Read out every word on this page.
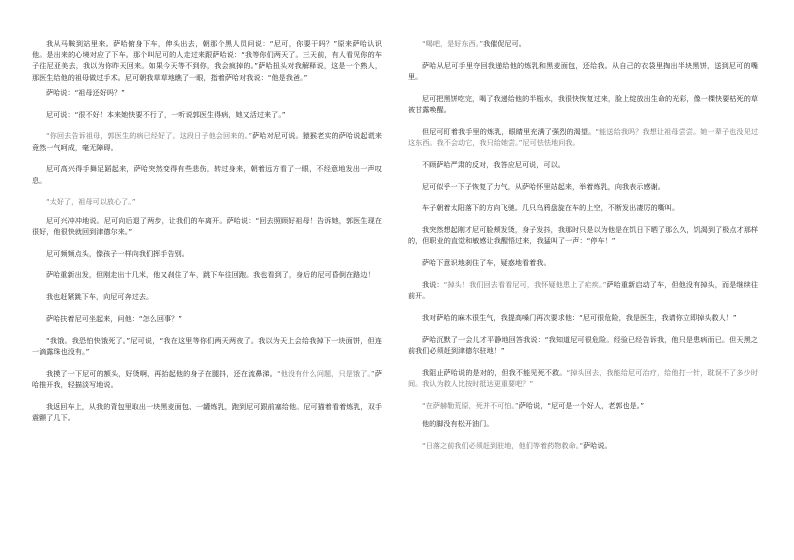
我从马鞍到站里来。萨哈俯身下车，伸头出去，朝那个黑人员问说：“尼可，你要干吗？”原来萨哈认识他。是出来的心境对应了下车。那个叫尼可的人走过来跟萨哈说：“我等你们两天了。三天前，有人看见你的车子往尼亚美去，我以为你昨天回来。如果今天等不到你，我会疯掉的。”萨哈扭头对我解释说，这是一个熟人，那医生给他的祖母做过手术。尼可朝我草草地瞧了一眼，指着萨哈对我说：“他是我爸。”

萨哈说：“祖母还好吗？”

尼可说：“很不好！本来她快要不行了，一听说郭医生得病，她又活过来了。”

“你回去告诉祖母，郭医生的病已经好了。这段日子他会回来的。”萨哈对尼可说。猿猴老实的萨哈说起谎来竟然一气呵成，毫无障碍。

尼可高兴得手舞足蹈起来，萨哈突然变得有些悲伤，转过身来，朝着远方看了一眼，不经意地发出一声叹息。

“太好了，祖母可以放心了。”

尼可兴冲冲地说。尼可向后退了两步，让我们的车离开。萨哈说：“回去照顾好祖母！告诉她，郭医生现在很好，他很快就回到津德尔来。”

尼可频频点头，像孩子一样向我们挥手告别。

萨哈重新出发，但刚走出十几米，他又刹住了车，跳下车往回跑。我也看到了，身后的尼可昏倒在路边！

我也赶紧跳下车，向尼可奔过去。

萨哈扶着尼可坐起来，问他：“怎么回事？”

“我饿。我恐怕快饿死了。”尼可说，“我在这里等你们两天两夜了。我以为天上会给我掉下一块面饼，但连一滴露珠也没有。”

我摸了一下尼可的额头，好烫啊，再抬起他的身子在腿抖，还在流鼻涕。“他没有什么问题，只是饿了。”萨哈推开我，轻描淡写地说。

我返回车上，从我的背包里取出一块黑麦面包、一罐炼乳，跑到尼可跟前塞给他。尼可猫着看着炼乳，双手震颤了几下。

“喝吧，是好东西。”我催促尼可。

萨哈从尼可手里夺回我递给他的炼乳和黑麦面包，还给我。从自己的衣袋里掏出半块黑饼，送到尼可的嘴里。

尼可把黑饼吃完，喝了我递给他的半瓶水，我很快恢复过来，脸上绽放出生命的光彩，像一棵快要枯死的草被甘露唤醒。

但尼可盯着我手里的炼乳，眼睛里充满了强烈的渴望。“能送给我吗？我想让祖母尝尝。她一辈子也没见过这东西。我不会动它，我只给她尝。”尼可怯怯地问我。

不顾萨哈严肃的反对，我答应尼可说，可以。

尼可似乎一下子恢复了力气，从萨哈怀里站起来，举着炼乳，向我表示感谢。

车子朝着太阳落下的方向飞驰。几只乌鸦盘旋在车的上空，不断发出凄厉的嘶叫。

我突然想起刚才尼可脸颊发烫，身子发抖，我那时只是以为他是在饥日下晒了那么久，饥渴到了极点才那样的，但职业的直觉和敏感让我醒悟过来，我猛叫了一声：“停车！”

萨哈下意识地刹住了车，疑惑地看着我。

我说：“掉头！我们回去看看尼可，我怀疑他患上了疟疾。”萨哈重新启动了车，但他没有掉头，而是继续往前开。

我对萨哈的麻木很生气，我提高嗓门再次要求他：“尼可很危险，我是医生，我请你立即掉头救人！”

萨哈沉默了一会儿才平静地回答我说：“我知道尼可很危险。经验已经告诉我，他只是患病而已。但天黑之前我们必须赶到津德尔驻地！”

我阻止萨哈说的是对的，但我不能见死不救。“掉头回去，我能给尼可治疗，给他打一针，耽误不了多少时间。我认为救人比按时抵达更重要吧？”

“在萨赫勒荒原，死并不可怕。”萨哈说，“尼可是一个好人，老郭也是。”

他的脚没有松开油门。

“日落之前我们必须赶到驻地，他们等着药物救命。”萨哈说。
